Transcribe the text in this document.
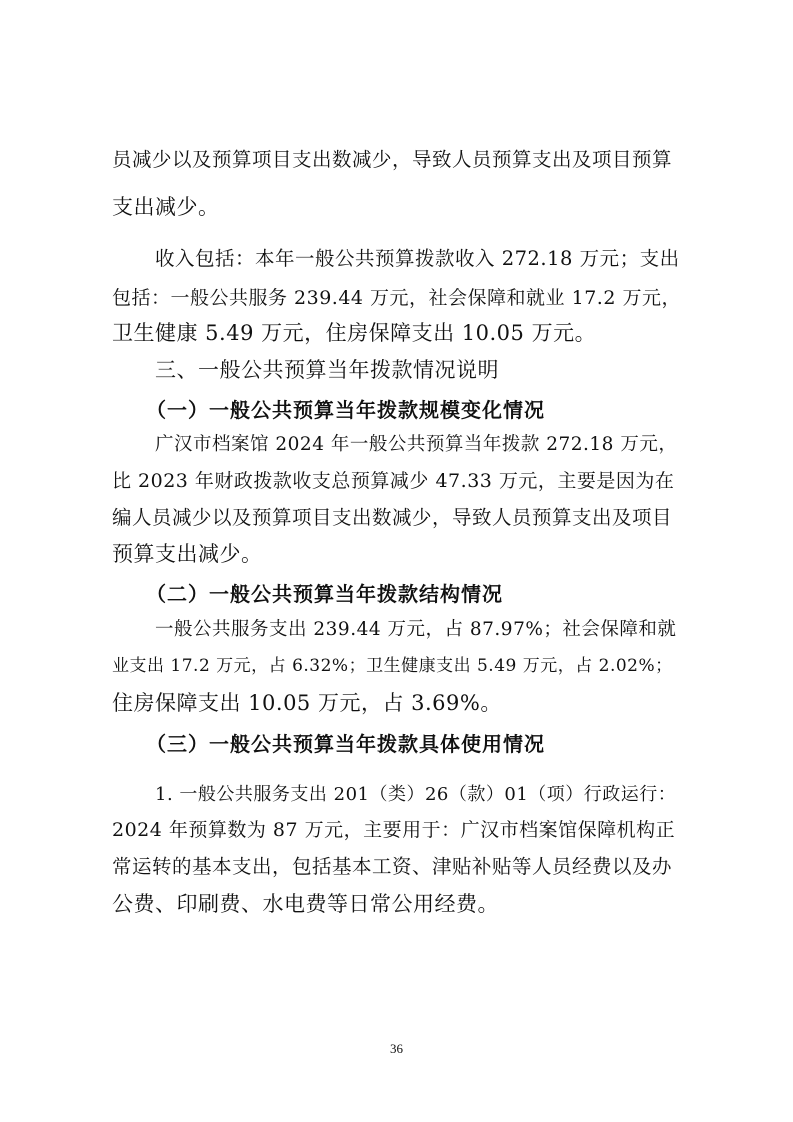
员减少以及预算项目支出数减少，导致人员预算支出及项目预算
支出减少。
收入包括：本年一般公共预算拨款收入 272.18 万元；支出
包括：一般公共服务 239.44 万元，社会保障和就业 17.2 万元，
卫生健康 5.49 万元，住房保障支出 10.05 万元。
三、一般公共预算当年拨款情况说明
（一）一般公共预算当年拨款规模变化情况
广汉市档案馆 2024 年一般公共预算当年拨款 272.18 万元，
比 2023 年财政拨款收支总预算减少 47.33 万元，主要是因为在
编人员减少以及预算项目支出数减少，导致人员预算支出及项目
预算支出减少。
（二）一般公共预算当年拨款结构情况
一般公共服务支出 239.44 万元，占 87.97%；社会保障和就
业支出 17.2 万元，占 6.32%；卫生健康支出 5.49 万元，占 2.02%；
住房保障支出 10.05 万元，占 3.69%。
（三）一般公共预算当年拨款具体使用情况
1. 一般公共服务支出 201（类）26（款）01（项）行政运行：
2024 年预算数为 87 万元，主要用于：广汉市档案馆保障机构正
常运转的基本支出，包括基本工资、津贴补贴等人员经费以及办
公费、印刷费、水电费等日常公用经费。
36
